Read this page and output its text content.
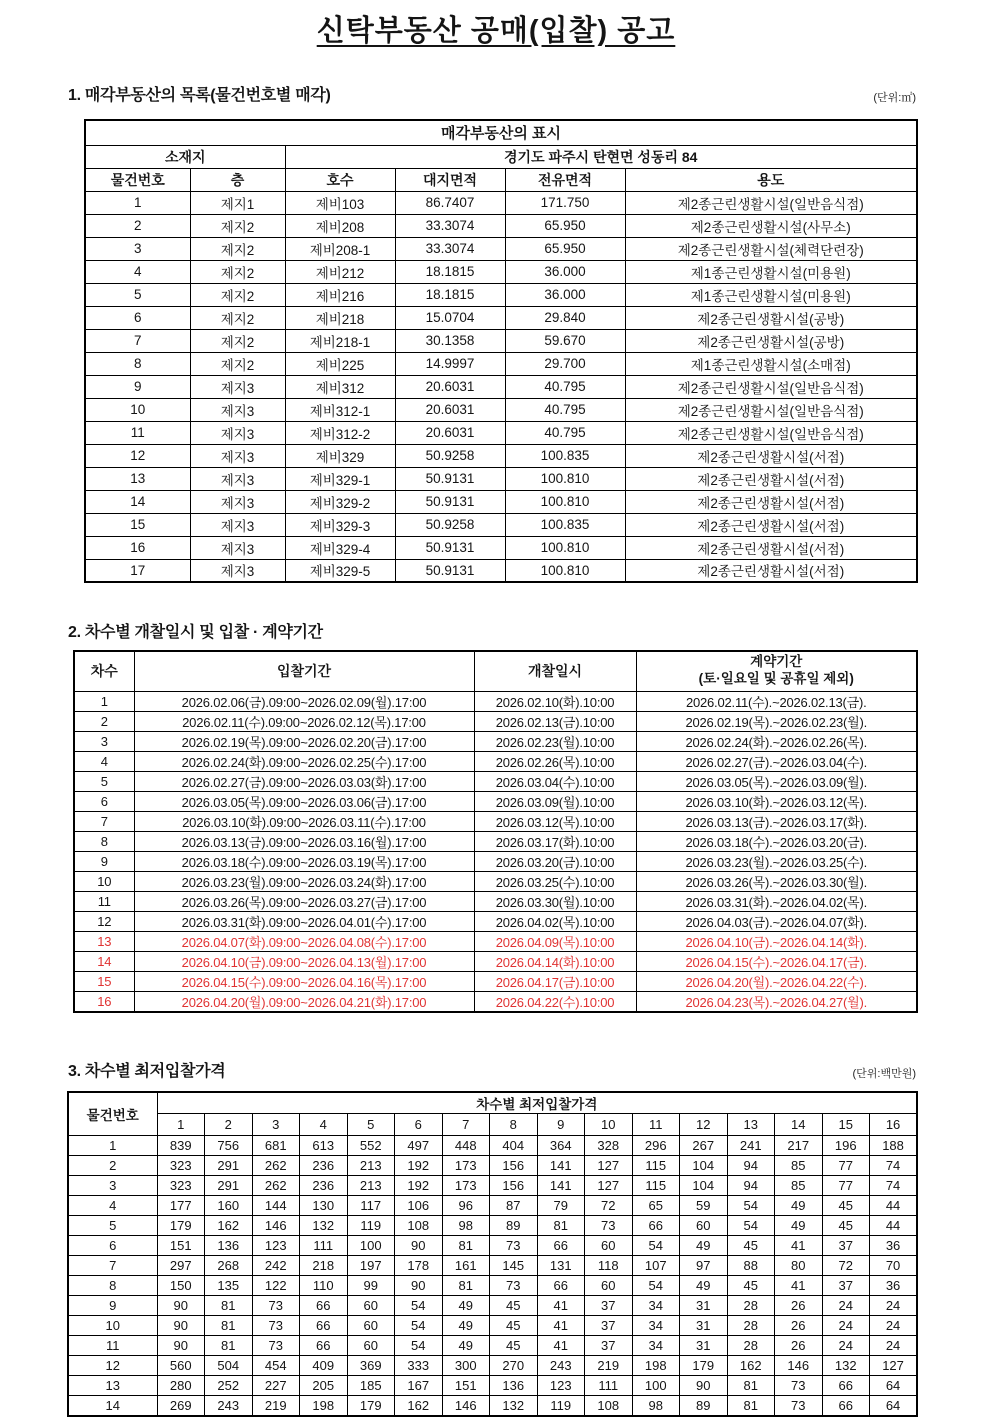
신탁부동산 공매(입찰) 공고
1. 매각부동산의 목록(물건번호별 매각)	(단위:㎡)
매각부동산의 표시					
소재지		경기도 파주시 탄현면 성동리 84			
물건번호	층	호수	대지면적	전유면적	용도
1	제지1	제비103	86.7407	171.750	제2종근린생활시설(일반음식점)
2	제지2	제비208	33.3074	65.950	제2종근린생활시설(사무소)
3	제지2	제비208-1	33.3074	65.950	제2종근린생활시설(체력단련장)
4	제지2	제비212	18.1815	36.000	제1종근린생활시설(미용원)
5	제지2	제비216	18.1815	36.000	제1종근린생활시설(미용원)
6	제지2	제비218	15.0704	29.840	제2종근린생활시설(공방)
7	제지2	제비218-1	30.1358	59.670	제2종근린생활시설(공방)
8	제지2	제비225	14.9997	29.700	제1종근린생활시설(소매점)
9	제지3	제비312	20.6031	40.795	제2종근린생활시설(일반음식점)
10	제지3	제비312-1	20.6031	40.795	제2종근린생활시설(일반음식점)
11	제지3	제비312-2	20.6031	40.795	제2종근린생활시설(일반음식점)
12	제지3	제비329	50.9258	100.835	제2종근린생활시설(서점)
13	제지3	제비329-1	50.9131	100.810	제2종근린생활시설(서점)
14	제지3	제비329-2	50.9131	100.810	제2종근린생활시설(서점)
15	제지3	제비329-3	50.9258	100.835	제2종근린생활시설(서점)
16	제지3	제비329-4	50.9131	100.810	제2종근린생활시설(서점)
17	제지3	제비329-5	50.9131	100.810	제2종근린생활시설(서점)
2. 차수별 개찰일시 및 입찰 · 계약기간
차수	입찰기간	개찰일시	계약기간
(토·일요일 및 공휴일 제외)

1	2026.02.06(금).09:00~2026.02.09(월).17:00	2026.02.10(화).10:00	2026.02.11(수).~2026.02.13(금).
2	2026.02.11(수).09:00~2026.02.12(목).17:00	2026.02.13(금).10:00	2026.02.19(목).~2026.02.23(월).
3	2026.02.19(목).09:00~2026.02.20(금).17:00	2026.02.23(월).10:00	2026.02.24(화).~2026.02.26(목).
4	2026.02.24(화).09:00~2026.02.25(수).17:00	2026.02.26(목).10:00	2026.02.27(금).~2026.03.04(수).
5	2026.02.27(금).09:00~2026.03.03(화).17:00	2026.03.04(수).10:00	2026.03.05(목).~2026.03.09(월).
6	2026.03.05(목).09:00~2026.03.06(금).17:00	2026.03.09(월).10:00	2026.03.10(화).~2026.03.12(목).
7	2026.03.10(화).09:00~2026.03.11(수).17:00	2026.03.12(목).10:00	2026.03.13(금).~2026.03.17(화).
8	2026.03.13(금).09:00~2026.03.16(월).17:00	2026.03.17(화).10:00	2026.03.18(수).~2026.03.20(금).
9	2026.03.18(수).09:00~2026.03.19(목).17:00	2026.03.20(금).10:00	2026.03.23(월).~2026.03.25(수).
10	2026.03.23(월).09:00~2026.03.24(화).17:00	2026.03.25(수).10:00	2026.03.26(목).~2026.03.30(월).
11	2026.03.26(목).09:00~2026.03.27(금).17:00	2026.03.30(월).10:00	2026.03.31(화).~2026.04.02(목).
12	2026.03.31(화).09:00~2026.04.01(수).17:00	2026.04.02(목).10:00	2026.04.03(금).~2026.04.07(화).
13	2026.04.07(화).09:00~2026.04.08(수).17:00	2026.04.09(목).10:00	2026.04.10(금).~2026.04.14(화).
14	2026.04.10(금).09:00~2026.04.13(월).17:00	2026.04.14(화).10:00	2026.04.15(수).~2026.04.17(금).
15	2026.04.15(수).09:00~2026.04.16(목).17:00	2026.04.17(금).10:00	2026.04.20(월).~2026.04.22(수).
16	2026.04.20(월).09:00~2026.04.21(화).17:00	2026.04.22(수).10:00	2026.04.23(목).~2026.04.27(월).
3. 차수별 최저입찰가격	(단위:백만원)
물건번호	차수별 최저입찰가격															
	1	2	3	4	5	6	7	8	9	10	11	12	13	14	15	16
1	839	756	681	613	552	497	448	404	364	328	296	267	241	217	196	188
2	323	291	262	236	213	192	173	156	141	127	115	104	94	85	77	74
3	323	291	262	236	213	192	173	156	141	127	115	104	94	85	77	74
4	177	160	144	130	117	106	96	87	79	72	65	59	54	49	45	44
5	179	162	146	132	119	108	98	89	81	73	66	60	54	49	45	44
6	151	136	123	111	100	90	81	73	66	60	54	49	45	41	37	36
7	297	268	242	218	197	178	161	145	131	118	107	97	88	80	72	70
8	150	135	122	110	99	90	81	73	66	60	54	49	45	41	37	36
9	90	81	73	66	60	54	49	45	41	37	34	31	28	26	24	24
10	90	81	73	66	60	54	49	45	41	37	34	31	28	26	24	24
11	90	81	73	66	60	54	49	45	41	37	34	31	28	26	24	24
12	560	504	454	409	369	333	300	270	243	219	198	179	162	146	132	127
13	280	252	227	205	185	167	151	136	123	111	100	90	81	73	66	64
14	269	243	219	198	179	162	146	132	119	108	98	89	81	73	66	64
